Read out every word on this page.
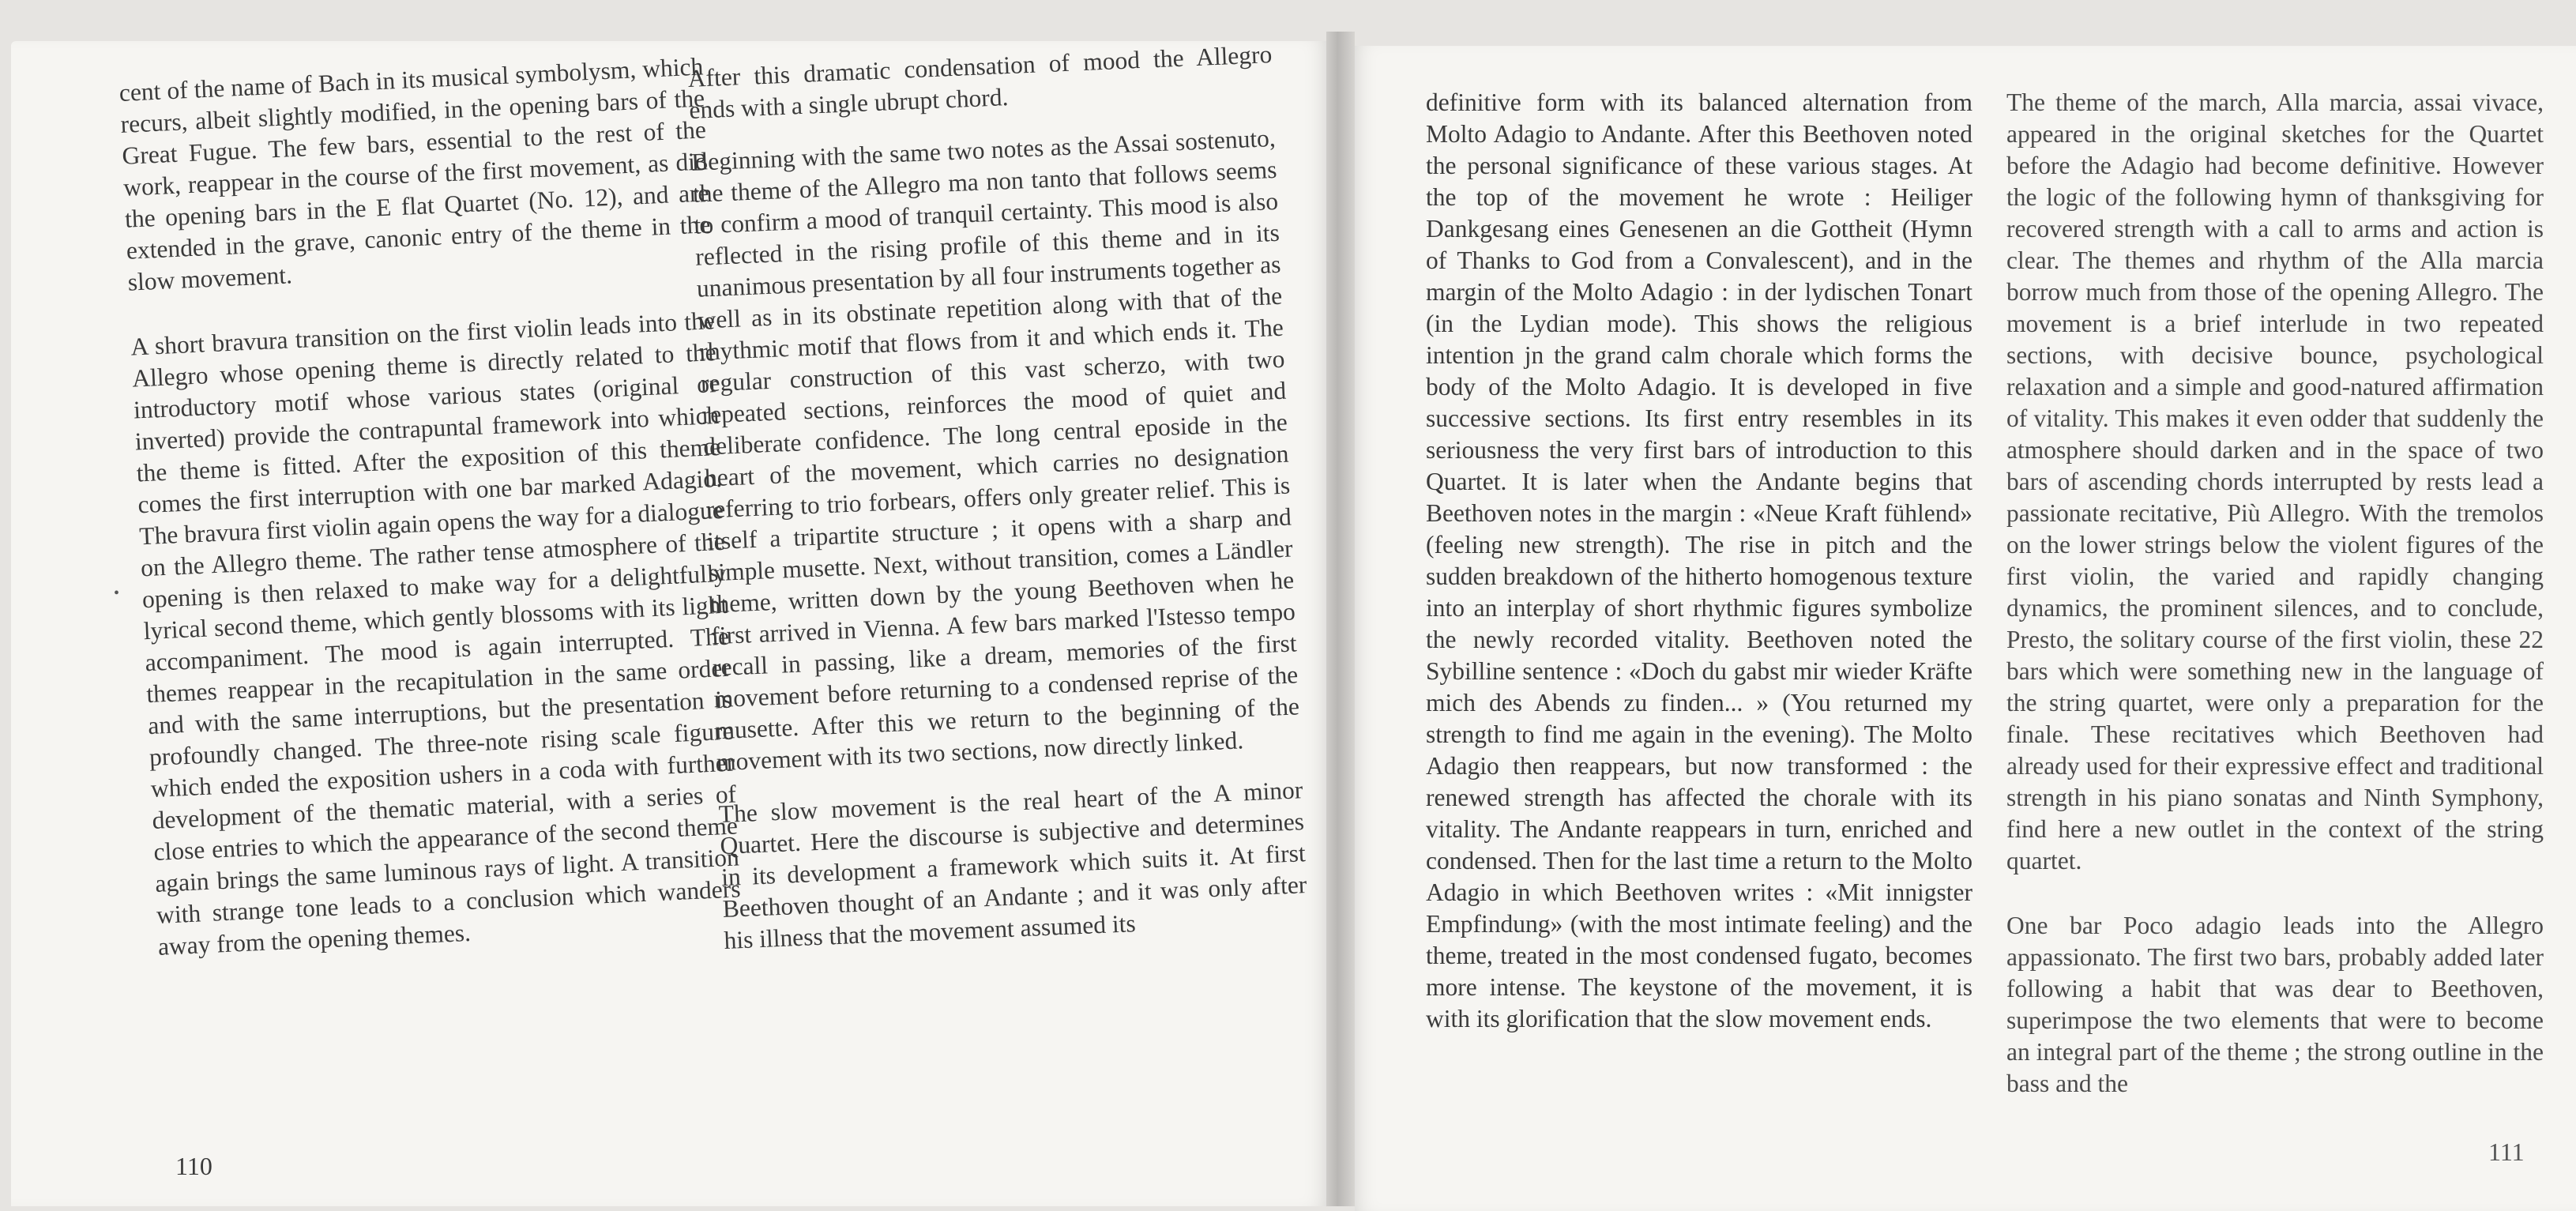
cent of the name of Bach in its musical symbolysm, which recurs, albeit slightly modified, in the opening bars of the Great Fugue. The few bars, essential to the rest of the work, reappear in the course of the first movement, as did the opening bars in the E flat Quartet (No. 12), and are extended in the grave, canonic entry of the theme in the slow movement.

A short bravura transition on the first violin leads into the Allegro whose opening theme is directly related to the introductory motif whose various states (original or inverted) provide the contrapuntal framework into which the theme is fitted. After the exposition of this theme comes the first interruption with one bar marked Adagio. The bravura first violin again opens the way for a dialogue on the Allegro theme. The rather tense atmosphere of the opening is then relaxed to make way for a delightfully lyrical second theme, which gently blossoms with its light accompaniment. The mood is again interrupted. The themes reappear in the recapitulation in the same order and with the same interruptions, but the presentation is profoundly changed. The three-note rising scale figure which ended the exposition ushers in a coda with further development of the thematic material, with a series of close entries to which the appearance of the second theme again brings the same luminous rays of light. A transition with strange tone leads to a conclusion which wanders away from the opening themes.

After this dramatic condensation of mood the Allegro ends with a single ubrupt chord.

Beginning with the same two notes as the Assai sostenuto, the theme of the Allegro ma non tanto that follows seems to confirm a mood of tranquil certainty. This mood is also reflected in the rising profile of this theme and in its unanimous presentation by all four instruments together as well as in its obstinate repetition along with that of the rhythmic motif that flows from it and which ends it. The regular construction of this vast scherzo, with two repeated sections, reinforces the mood of quiet and deliberate confidence. The long central eposide in the heart of the movement, which carries no designation referring to trio forbears, offers only greater relief. This is itself a tripartite structure ; it opens with a sharp and simple musette. Next, without transition, comes a Ländler theme, written down by the young Beethoven when he first arrived in Vienna. A few bars marked l'Istesso tempo recall in passing, like a dream, memories of the first movement before returning to a condensed reprise of the musette. After this we return to the beginning of the movement with its two sections, now directly linked.

The slow movement is the real heart of the A minor Quartet. Here the discourse is subjective and determines in its development a framework which suits it. At first Beethoven thought of an Andante ; and it was only after his illness that the movement assumed its

definitive form with its balanced alternation from Molto Adagio to Andante. After this Beethoven noted the personal significance of these various stages. At the top of the movement he wrote : Heiliger Dankgesang eines Genesenen an die Gottheit (Hymn of Thanks to God from a Convalescent), and in the margin of the Molto Adagio : in der lydischen Tonart (in the Lydian mode). This shows the religious intention jn the grand calm chorale which forms the body of the Molto Adagio. It is developed in five successive sections. Its first entry resembles in its seriousness the very first bars of introduction to this Quartet. It is later when the Andante begins that Beethoven notes in the margin : «Neue Kraft fühlend» (feeling new strength). The rise in pitch and the sudden breakdown of the hitherto homogenous texture into an interplay of short rhythmic figures symbolize the newly recorded vitality. Beethoven noted the Sybilline sentence : «Doch du gabst mir wieder Kräfte mich des Abends zu finden... » (You returned my strength to find me again in the evening). The Molto Adagio then reappears, but now transformed : the renewed strength has affected the chorale with its vitality. The Andante reappears in turn, enriched and condensed. Then for the last time a return to the Molto Adagio in which Beethoven writes : «Mit innigster Empfindung» (with the most intimate feeling) and the theme, treated in the most condensed fugato, becomes more intense. The keystone of the movement, it is with its glorification that the slow movement ends.

The theme of the march, Alla marcia, assai vivace, appeared in the original sketches for the Quartet before the Adagio had become definitive. However the logic of the following hymn of thanksgiving for recovered strength with a call to arms and action is clear. The themes and rhythm of the Alla marcia borrow much from those of the opening Allegro. The movement is a brief interlude in two repeated sections, with decisive bounce, psychological relaxation and a simple and good-natured affirmation of vitality. This makes it even odder that suddenly the atmosphere should darken and in the space of two bars of ascending chords interrupted by rests lead a passionate recitative, Più Allegro. With the tremolos on the lower strings below the violent figures of the first violin, the varied and rapidly changing dynamics, the prominent silences, and to conclude, Presto, the solitary course of the first violin, these 22 bars which were something new in the language of the string quartet, were only a preparation for the finale. These recitatives which Beethoven had already used for their expressive effect and traditional strength in his piano sonatas and Ninth Symphony, find here a new outlet in the context of the string quartet.

One bar Poco adagio leads into the Allegro appassionato. The first two bars, probably added later following a habit that was dear to Beethoven, superimpose the two elements that were to become an integral part of the theme ; the strong outline in the bass and the

•
110	111
